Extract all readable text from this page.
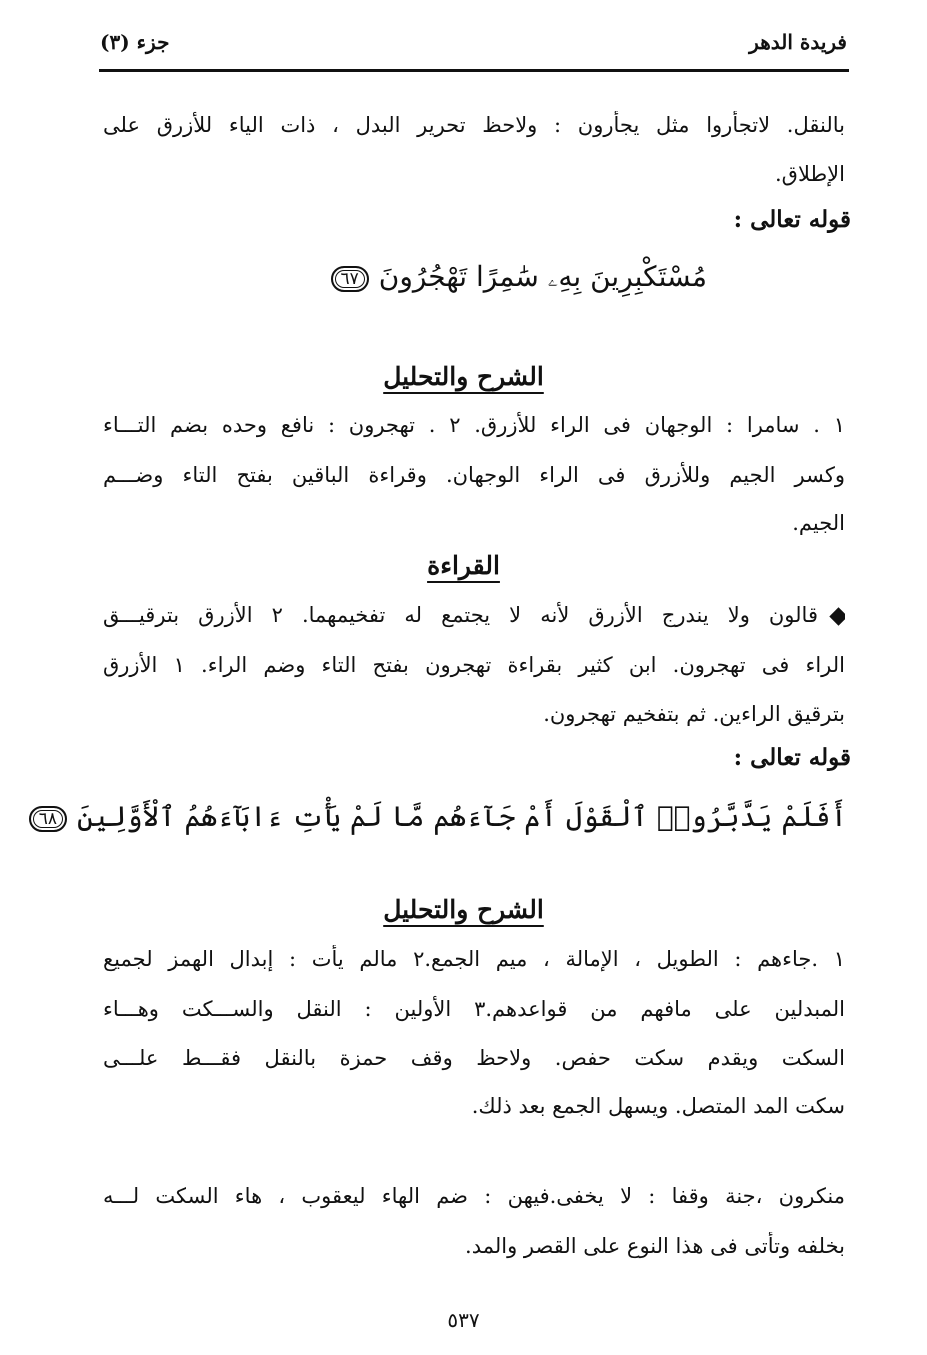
فريدة الدهر
جزء (٣)
بالنقل. لاتجأروا مثل يجأرون : ولاحظ تحرير البدل ، ذات الياء للأزرق على
الإطلاق.
قوله تعالى :
مُسْتَكْبِرِينَ بِهِۦ سَٰمِرًا تَهْجُرُونَ٦٧
الشرح والتحليل
١ . سامرا : الوجهان فى الراء للأزرق. ٢ . تهجرون : نافع وحده بضم التـــاء
وكسر الجيم وللأزرق فى الراء الوجهان. وقراءة الباقين بفتح التاء وضـــم
الجيم.
القراءة
قالون ولا يندرج الأزرق لأنه لا يجتمع له تفخيمهما. ٢ الأزرق بترقيـــق
الراء فى تهجرون. ابن كثير بقراءة تهجرون بفتح التاء وضم الراء. ١ الأزرق
بترقيق الراءين. ثم بتفخيم تهجرون.
قوله تعالى :
أَفَلَمْ يَدَّبَّرُوا۟ ٱلْقَوْلَ أَمْ جَآءَهُم مَّا لَمْ يَأْتِ ءَابَآءَهُمُ ٱلْأَوَّلِينَ٦٨
الشرح والتحليل
١ .جاءهم : الطويل ، الإمالة ، ميم الجمع.٢ مالم يأت : إبدال الهمز لجميع
المبدلين على مافهم من قواعدهم.٣ الأولين : النقل والســـكت وهـــاء
السكت ويقدم سكت حفص. ولاحظ وقف حمزة بالنقل فقـــط علـــى
سكت المد المتصل. ويسهل الجمع بعد ذلك.
منكرون ،جنة وقفا : لا يخفى.فيهن : ضم الهاء ليعقوب ، هاء السكت لـــه
بخلفه وتأتى فى هذا النوع على القصر والمد.
٥٣٧
